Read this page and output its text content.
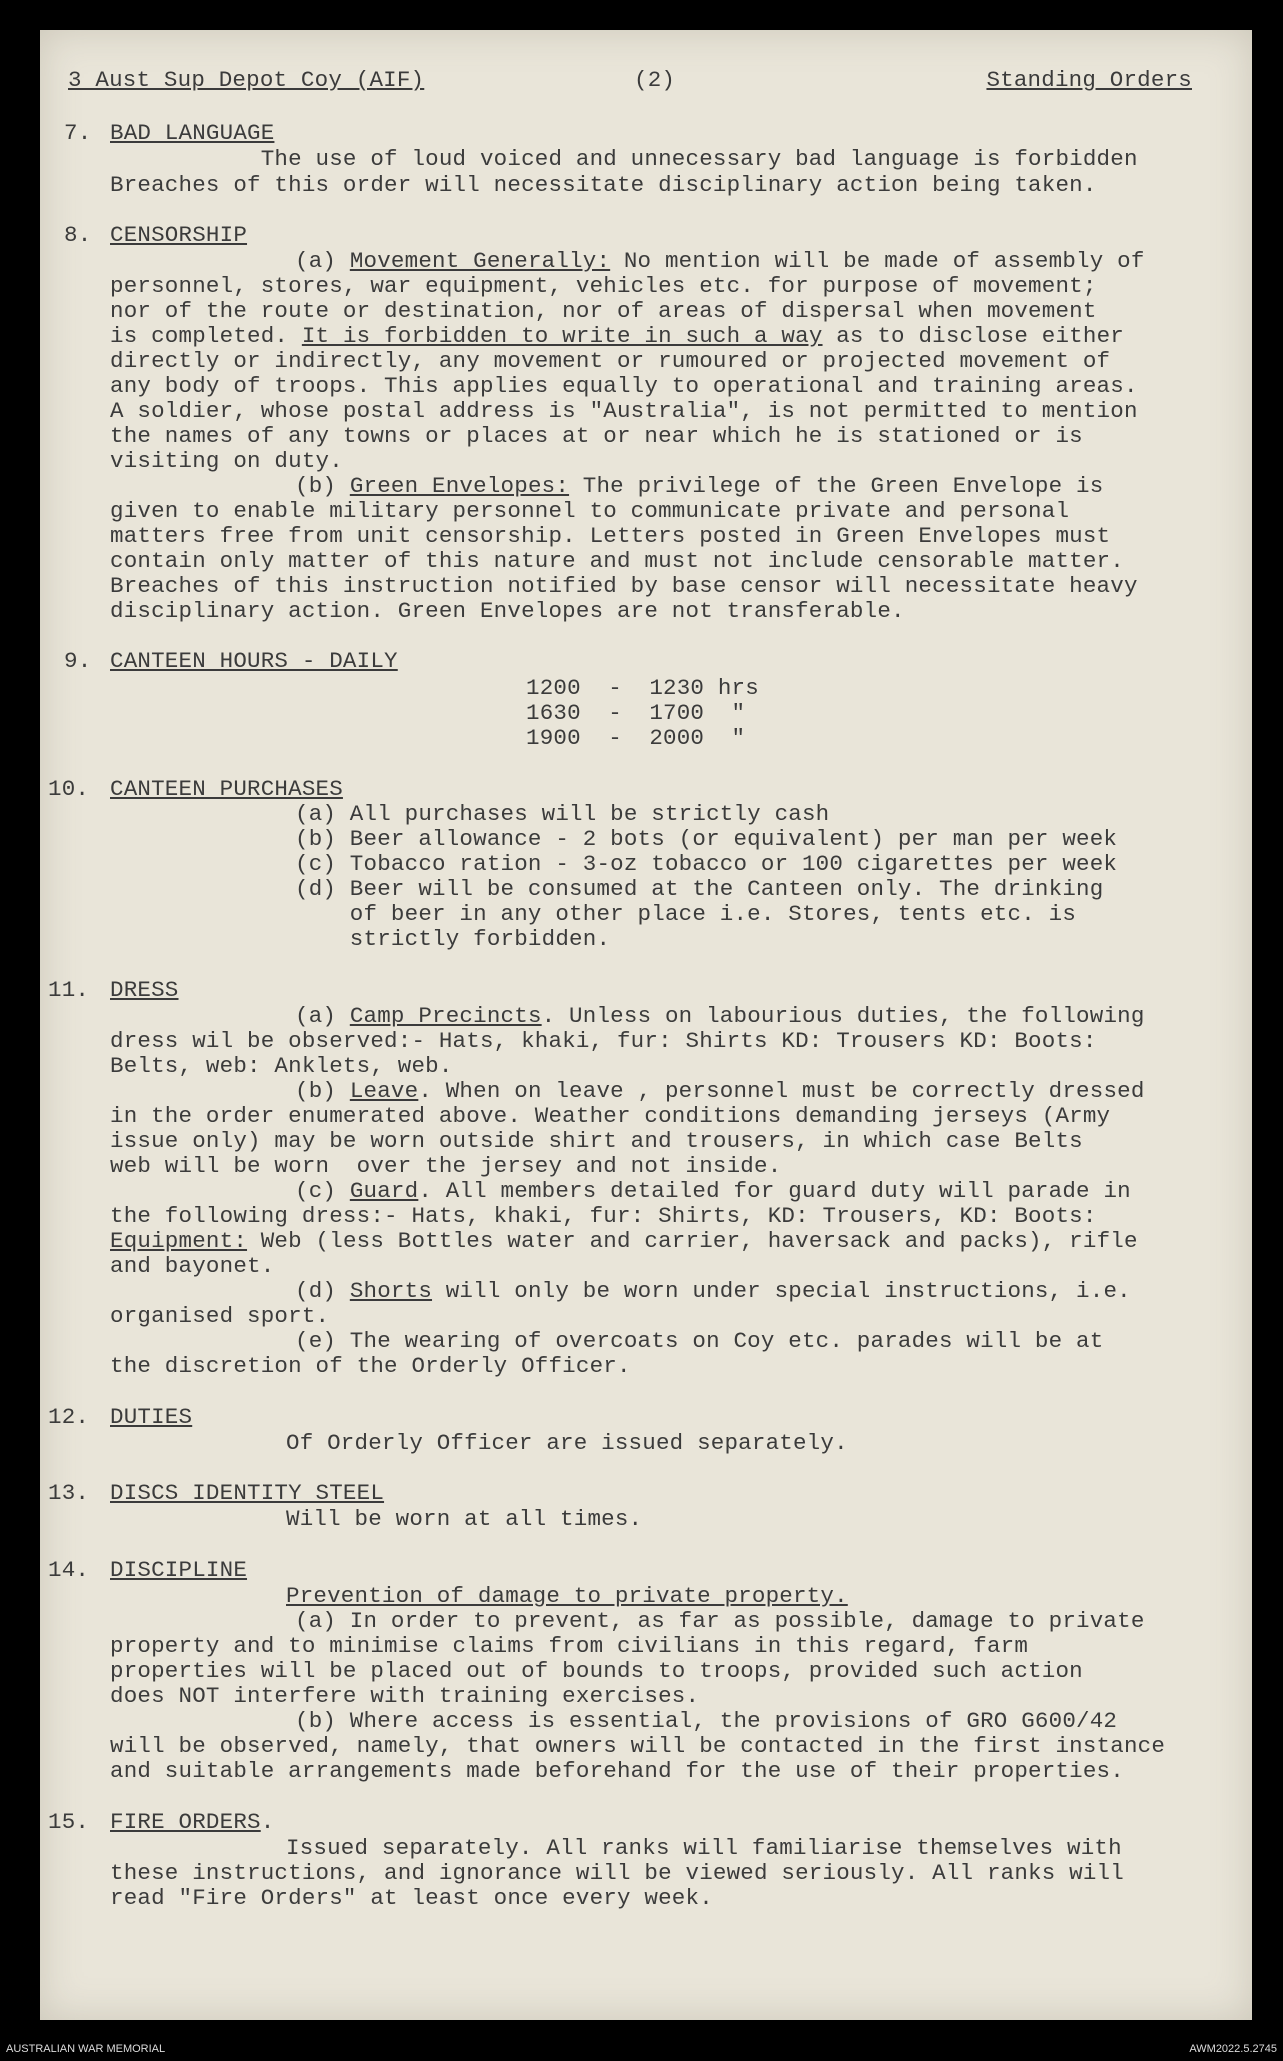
3 Aust Sup Depot Coy (AIF)	(2)	Standing Orders
7. BAD LANGUAGE
The use of loud voiced and unnecessary bad language is forbidden
Breaches of this order will necessitate disciplinary action being taken.
8. CENSORSHIP
(a) Movement Generally: No mention will be made of assembly of
personnel, stores, war equipment, vehicles etc. for purpose of movement;
nor of the route or destination, nor of areas of dispersal when movement
is completed. It is forbidden to write in such a way as to disclose either
directly or indirectly, any movement or rumoured or projected movement of
any body of troops. This applies equally to operational and training areas.
A soldier, whose postal address is "Australia", is not permitted to mention
the names of any towns or places at or near which he is stationed or is
visiting on duty.
(b) Green Envelopes: The privilege of the Green Envelope is
given to enable military personnel to communicate private and personal
matters free from unit censorship. Letters posted in Green Envelopes must
contain only matter of this nature and must not include censorable matter.
Breaches of this instruction notified by base censor will necessitate heavy
disciplinary action. Green Envelopes are not transferable.
9. CANTEEN HOURS - DAILY
1200  -  1230 hrs
1630  -  1700  "
1900  -  2000  "
10. CANTEEN PURCHASES
(a) All purchases will be strictly cash
(b) Beer allowance - 2 bots (or equivalent) per man per week
(c) Tobacco ration - 3-oz tobacco or 100 cigarettes per week
(d) Beer will be consumed at the Canteen only. The drinking
of beer in any other place i.e. Stores, tents etc. is
strictly forbidden.
11. DRESS
(a) Camp Precincts. Unless on labourious duties, the following
dress wil be observed:- Hats, khaki, fur: Shirts KD: Trousers KD: Boots:
Belts, web: Anklets, web.
(b) Leave. When on leave , personnel must be correctly dressed
in the order enumerated above. Weather conditions demanding jerseys (Army
issue only) may be worn outside shirt and trousers, in which case Belts
web will be worn  over the jersey and not inside.
(c) Guard. All members detailed for guard duty will parade in
the following dress:- Hats, khaki, fur: Shirts, KD: Trousers, KD: Boots:
Equipment: Web (less Bottles water and carrier, haversack and packs), rifle
and bayonet.
(d) Shorts will only be worn under special instructions, i.e.
organised sport.
(e) The wearing of overcoats on Coy etc. parades will be at
the discretion of the Orderly Officer.
12. DUTIES
Of Orderly Officer are issued separately.
13. DISCS IDENTITY STEEL
Will be worn at all times.
14. DISCIPLINE
Prevention of damage to private property.
(a) In order to prevent, as far as possible, damage to private
property and to minimise claims from civilians in this regard, farm
properties will be placed out of bounds to troops, provided such action
does NOT interfere with training exercises.
(b) Where access is essential, the provisions of GRO G600/42
will be observed, namely, that owners will be contacted in the first instance
and suitable arrangements made beforehand for the use of their properties.
15. FIRE ORDERS.
Issued separately. All ranks will familiarise themselves with
these instructions, and ignorance will be viewed seriously. All ranks will
read "Fire Orders" at least once every week.
AUSTRALIAN WAR MEMORIAL	AWM2022.5.2745
